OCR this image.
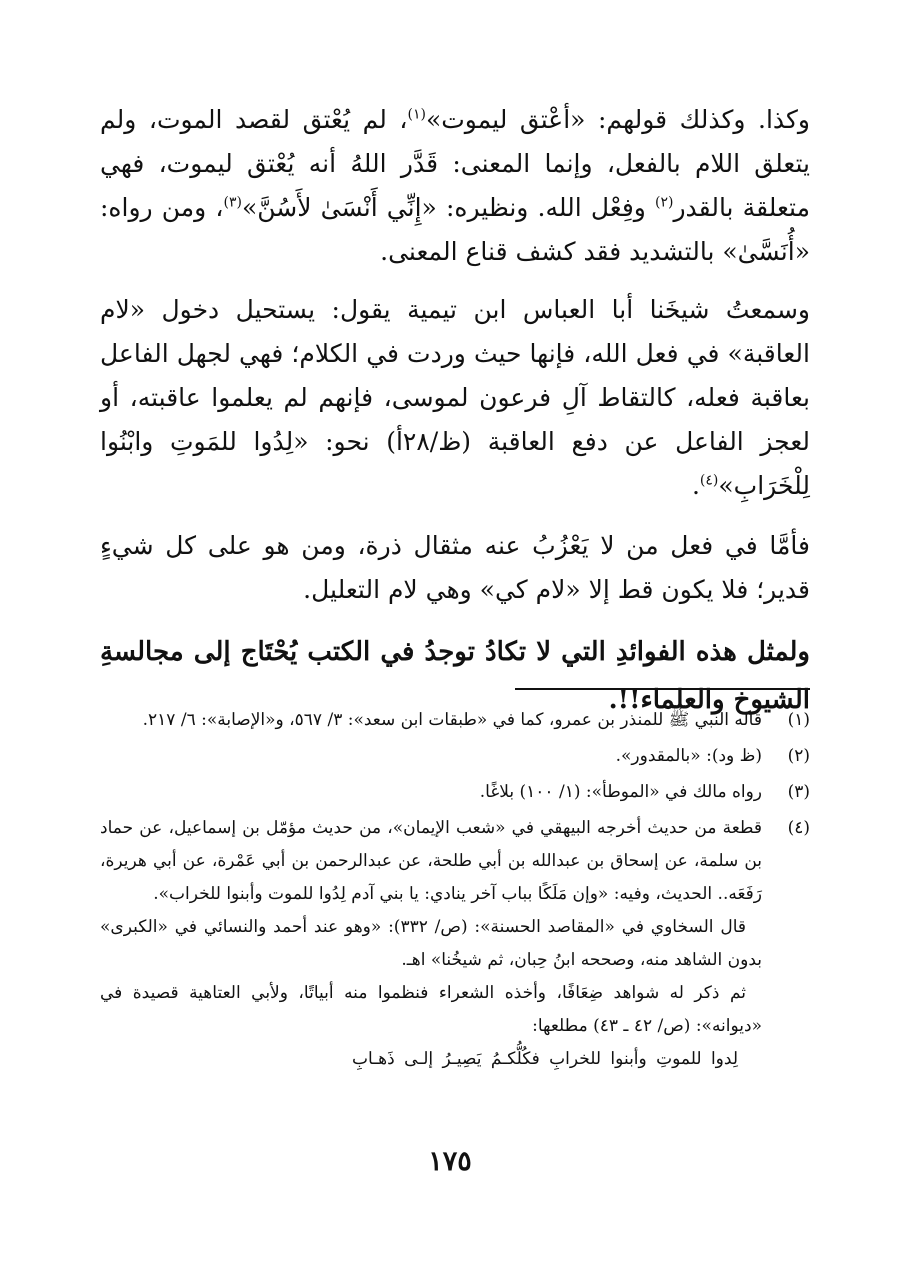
وكذا. وكذلك قولهم: «أعْتق ليموت»$^{(١)}$، لم يُعْتق لقصد الموت، ولم يتعلق اللام بالفعل، وإنما المعنى: قَدَّر اللهُ أنه يُعْتق ليموت، فهي متعلقة بالقدر$^{(٢)}$ وفِعْل الله. ونظيره: «إِنِّي أَنْسَىٰ لأَسُنَّ»$^{(٣)}$، ومن رواه: «أُنَسَّىٰ» بالتشديد فقد كشف قناع المعنى.

وسمعتُ شيخَنا أبا العباس ابن تيمية يقول: يستحيل دخول «لام العاقبة» في فعل الله، فإنها حيث وردت في الكلام؛ فهي لجهل الفاعل بعاقبة فعله، كالتقاط آلِ فرعون لموسى، فإنهم لم يعلموا عاقبته، أو لعجز الفاعل عن دفع العاقبة (ظ/٢٨أ) نحو: «لِدُوا للمَوتِ وابْنُوا لِلْخَرَابِ»$^{(٤)}$.

فأمَّا في فعل من لا يَعْزُبُ عنه مثقال ذرة، ومن هو على كل شيءٍ قدير؛ فلا يكون قط إلا «لام كي» وهي لام التعليل.

ولمثل هذه الفوائدِ التي لا تكادُ توجدُ في الكتب يُحْتَاج إلى مجالسةِ الشيوخ والعلماء!!.

(١)

قاله النبي ﷺ للمنذر بن عمرو، كما في «طبقات ابن سعد»: ٣/ ٥٦٧، و«الإصابة»: ٦/ ٢١٧.

(٢)

(ظ ود): «بالمقدور».

(٣)

رواه مالك في «الموطأ»: (١/ ١٠٠) بلاغًا.

(٤)

قطعة من حديث أخرجه البيهقي في «شعب الإيمان»، من حديث مؤمّل بن إسماعيل، عن حماد بن سلمة، عن إسحاق بن عبدالله بن أبي طلحة، عن عبدالرحمن بن أبي عَمْرة، عن أبي هريرة، رَفَعَه.. الحديث، وفيه: «وإن مَلَكًا بباب آخر ينادي: يا بني آدم لِدُوا للموت وأبنوا للخراب».

قال السخاوي في «المقاصد الحسنة»: (ص/ ٣٣٢): «وهو عند أحمد والنسائي في «الكبرى» بدون الشاهد منه، وصححه ابنُ حِبان، ثم شيخُنا» اهـ.

ثم ذكر له شواهد ضِعَافًا، وأخذه الشعراء فنظموا منه أبياتًا، ولأبي العتاهية قصيدة في «ديوانه»: (ص/ ٤٢ ـ ٤٣) مطلعها:

لِدوا للموتِ وأبنوا للخرابِ فكُلُّكـمُ يَصِيـرُ إلـى ذَهـابِ

١٧٥
